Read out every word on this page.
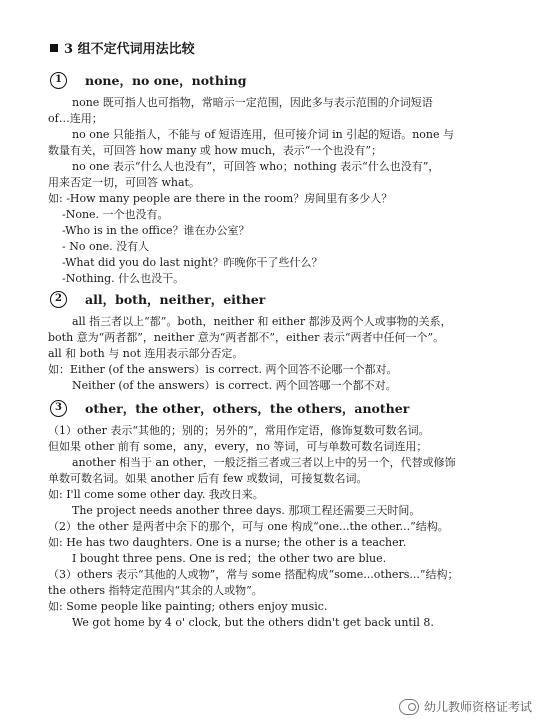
3 组不定代词用法比较
1	none，no one，nothing
none 既可指人也可指物，常暗示一定范围，因此多与表示范围的介词短语
of…连用；
no one 只能指人，不能与 of 短语连用，但可接介词 in 引起的短语。none 与
数量有关，可回答 how many 或 how much，表示“一个也没有”；
no one 表示“什么人也没有”，可回答 who；nothing 表示“什么也没有”，
用来否定一切，可回答 what。
如: -How many people are there in the room？房间里有多少人？
-None. 一个也没有。
-Who is in the office？谁在办公室？
- No one. 没有人
-What did you do last night？昨晚你干了些什么？
-Nothing. 什么也没干。
2	all，both，neither，either
all 指三者以上“都”。both，neither 和 either 都涉及两个人或事物的关系，
both 意为“两者都”，neither 意为“两者都不”，either 表示“两者中任何一个”。
all 和 both 与 not 连用表示部分否定。
如：Either (of the answers）is correct. 两个回答不论哪一个都对。
Neither (of the answers）is correct. 两个回答哪一个都不对。
3	other，the other，others，the others，another
（1）other 表示“其他的；别的；另外的”，常用作定语，修饰复数可数名词。
但如果 other 前有 some，any，every，no 等词，可与单数可数名词连用；
another 相当于 an other，一般泛指三者或三者以上中的另一个，代替或修饰
单数可数名词。如果 another 后有 few 或数词，可接复数名词。
如: I'll come some other day. 我改日来。
The project needs another three days. 那项工程还需要三天时间。
（2）the other 是两者中余下的那个，可与 one 构成“one...the other...”结构。
如: He has two daughters. One is a nurse; the other is a teacher.
I bought three pens. One is red；the other two are blue.
（3）others 表示“其他的人或物”，常与 some 搭配构成“some...others...”结构；
the others 指特定范围内“其余的人或物”。
如: Some people like painting; others enjoy music.
We got home by 4 o' clock, but the others didn't get back until 8.
幼儿教师资格证考试
